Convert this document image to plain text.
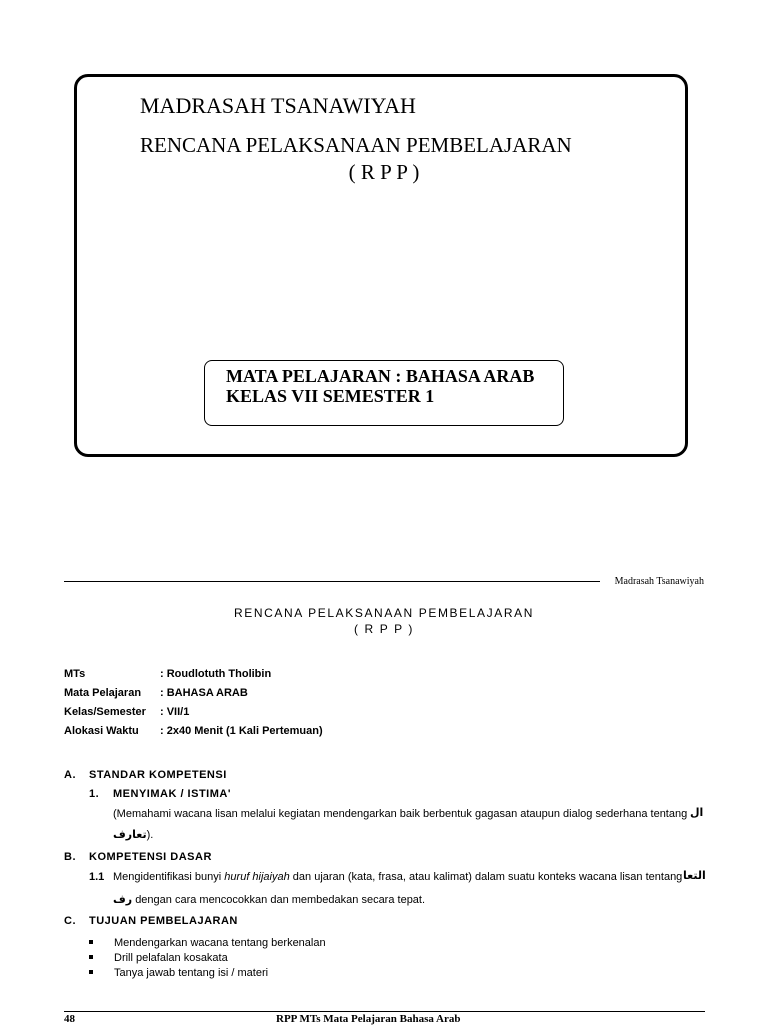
MADRASAH TSANAWIYAH
RENCANA PELAKSANAAN PEMBELAJARAN
( R P P )
MATA PELAJARAN : BAHASA ARAB
KELAS VII SEMESTER 1
Madrasah Tsanawiyah
RENCANA PELAKSANAAN PEMBELAJARAN
( R P P )
MTs	: Roudlotuth Tholibin
Mata Pelajaran : BAHASA ARAB
Kelas/Semester : VII/1
Alokasi Waktu : 2x40 Menit (1 Kali Pertemuan)
A. STANDAR KOMPETENSI
1. MENYIMAK / ISTIMA'
(Memahami wacana lisan melalui kegiatan mendengarkan baik berbentuk gagasan ataupun dialog sederhana tentang ال
تعارف).
B. KOMPETENSI DASAR
1.1 Mengidentifikasi bunyi huruf hijaiyah dan ujaran (kata, frasa, atau kalimat) dalam suatu konteks wacana lisan tentang التعا
رف dengan cara mencocokkan dan membedakan secara tepat.
C. TUJUAN PEMBELAJARAN
Mendengarkan wacana tentang berkenalan
Drill pelafalan kosakata
Tanya jawab tentang isi / materi
48	RPP MTs Mata Pelajaran Bahasa Arab
